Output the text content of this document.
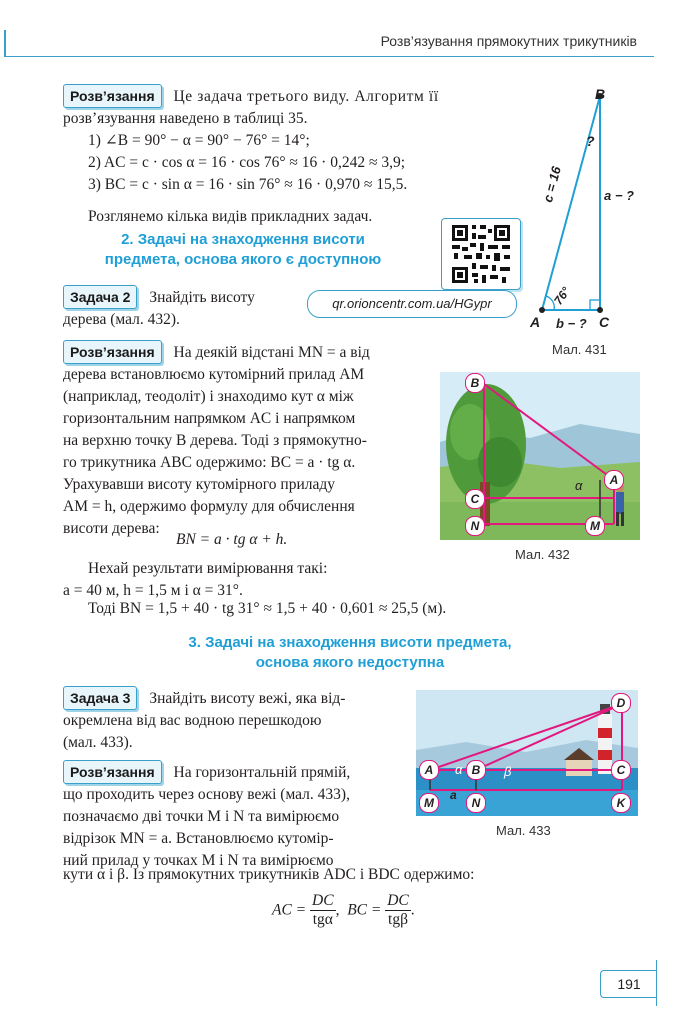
Розв’язування прямокутних трикутників
Розв’язання Це задача третього виду. Алгоритм її
розв’язування наведено в таблиці 35.
1) ∠B = 90° − α = 90° − 76° = 14°;
2) AC = c · cos α = 16 · cos 76° ≈ 16 · 0,242 ≈ 3,9;
3) BC = c · sin α = 16 · sin 76° ≈ 16 · 0,970 ≈ 15,5.
Розглянемо кілька видів прикладних задач.
2. Задачі на знаходження висоти
предмета, основа якого є доступною
qr.orioncentr.com.ua/HGypr
B
?
c = 16	a − ?
76°
A b − ? C
Мал. 431
Задача 2 Знайдіть висоту
дерева (мал. 432).
Розв’язання На деякій відстані MN = a від
дерева встановлюємо кутомірний прилад AM
(наприклад, теодоліт) і знаходимо кут α між
горизонтальним напрямком AC і напрямком
на верхню точку B дерева. Тоді з прямокутно-
го трикутника ABC одержимо: BC = a · tg α.
Урахувавши висоту кутомірного приладу
AM = h, одержимо формулу для обчислення
висоти дерева:
BN = a · tg α + h.
Нехай результати вимірювання такі:
a = 40 м, h = 1,5 м і α = 31°.
Тоді BN = 1,5 + 40 · tg 31° ≈ 1,5 + 40 · 0,601 ≈ 25,5 (м).
α
B
A
C
N	M
Мал. 432
3. Задачі на знаходження висоти предмета,
основа якого недоступна
Задача 3 Знайдіть висоту вежі, яка від-
окремлена від вас водною перешкодою
(мал. 433).
Розв’язання На горизонтальній прямій,
що проходить через основу вежі (мал. 433),
позначаємо дві точки M і N та вимірюємо
відрізок MN = a. Встановлюємо кутомір-
ний прилад у точках M і N та вимірюємо
кути α і β. Із прямокутних трикутників ADC і BDC одержимо:
AC = $\frac{DC}{\text{tgα}}$ ,  BC = $\frac{DC}{\text{tgβ}}$ .
α	β
a
D
A	B	C
M	N	K
Мал. 433
191
